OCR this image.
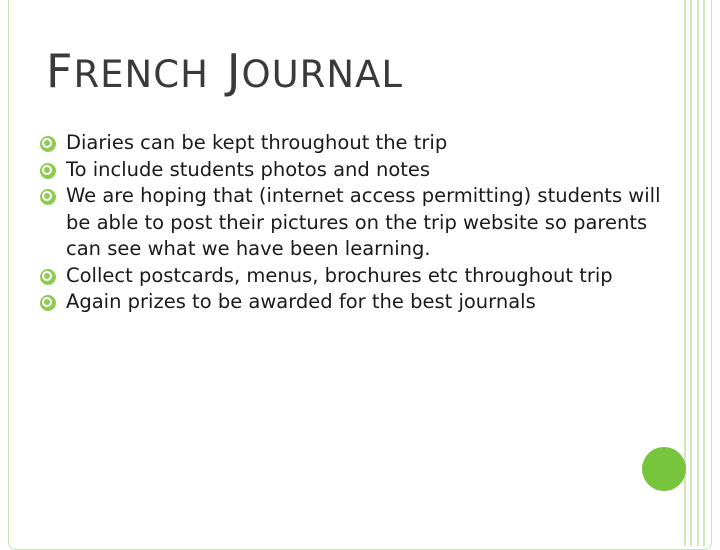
FRENCH JOURNAL
Diaries can be kept throughout the trip
To include students photos and notes
We are hoping that (internet access permitting) students will be able to post their pictures on the trip website so parents can see what we have been learning.
Collect postcards, menus, brochures etc throughout trip
Again prizes to be awarded for the best journals
